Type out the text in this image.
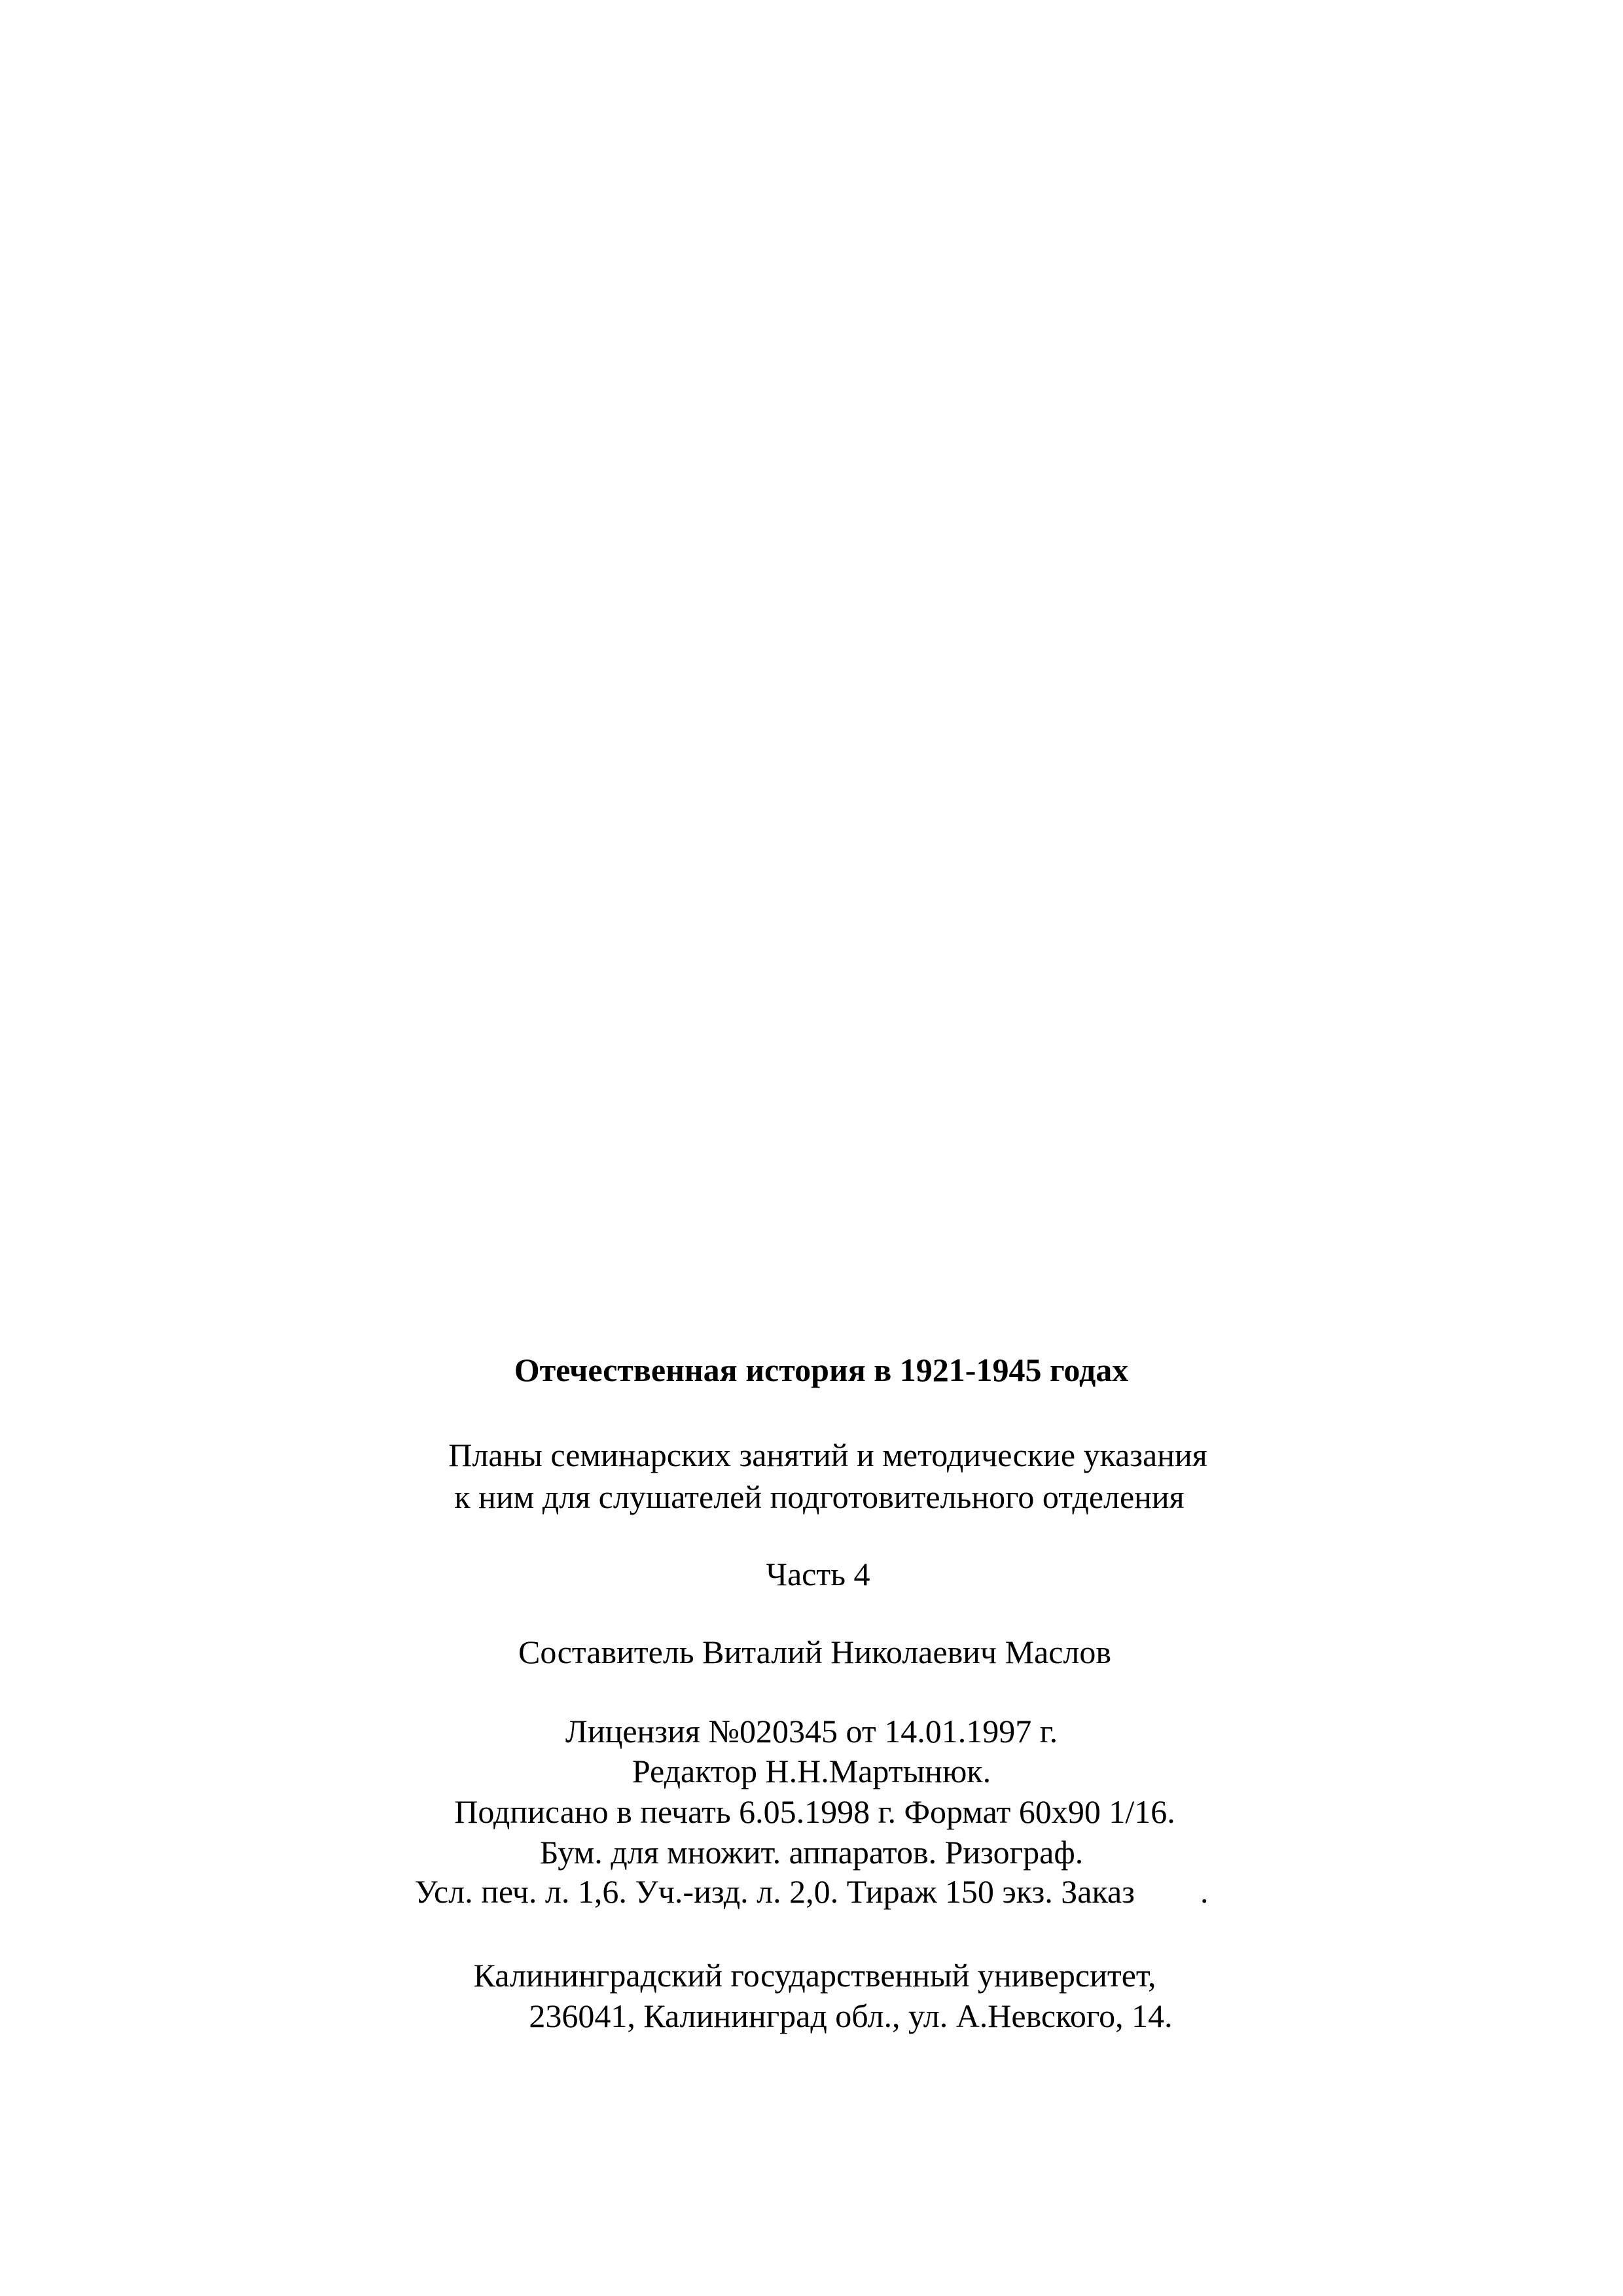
Отечественная история в 1921-1945 годах
Планы семинарских занятий и методические указания
к ним для слушателей подготовительного отделения
Часть 4
Составитель Виталий Николаевич Маслов
Лицензия №020345 от 14.01.1997 г.
Редактор Н.Н.Мартынюк.
Подписано в печать 6.05.1998 г. Формат 60х90 1/16.
Бум. для множит. аппаратов. Ризограф.
Усл. печ. л. 1,6. Уч.-изд. л. 2,0. Тираж 150 экз. Заказ        .
Калининградский государственный университет,
236041, Калининград обл., ул. А.Невского, 14.
